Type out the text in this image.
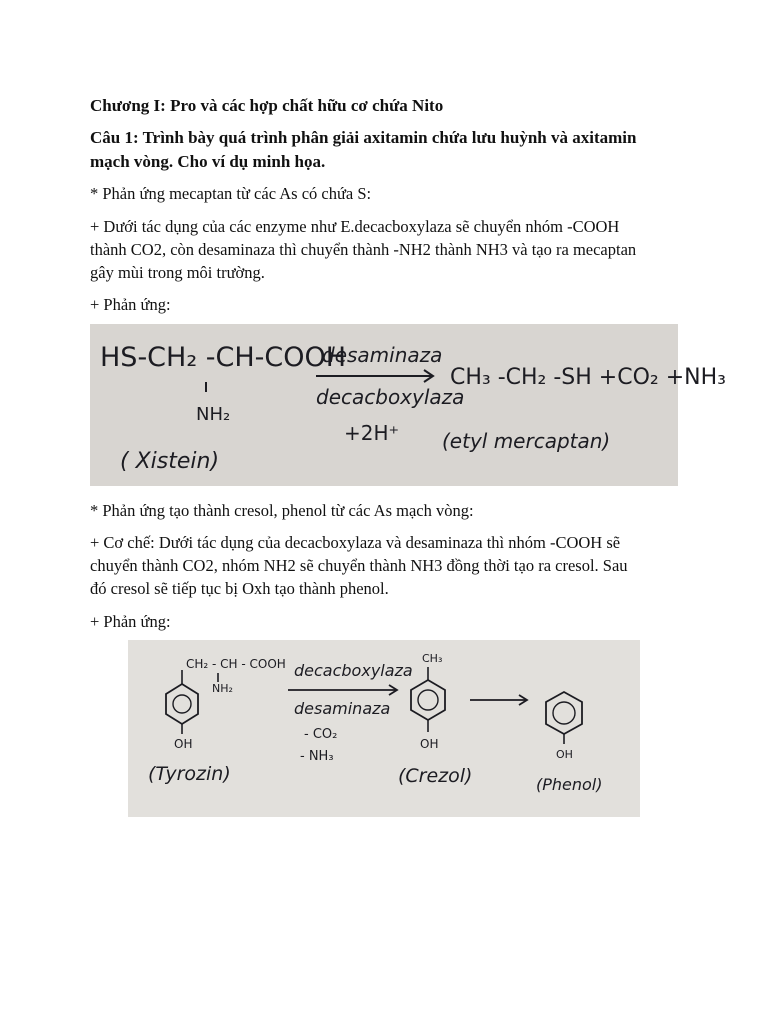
Chương I: Pro và các hợp chất hữu cơ chứa Nito
Câu 1: Trình bày quá trình phân giải axitamin chứa lưu huỳnh và axitamin
mạch vòng. Cho ví dụ minh họa.
* Phản ứng mecaptan từ các As có chứa S:
+ Dưới tác dụng của các enzyme như E.decacboxylaza sẽ chuyển nhóm -COOH
thành CO2, còn desaminaza thì chuyển thành -NH2 thành NH3 và tạo ra mecaptan
gây mùi trong môi trường.
+ Phản ứng:
HS-CH₂ -CH-COOH
NH₂
desaminaza
decacboxylaza
+2H⁺
CH₃ -CH₂ -SH +CO₂ +NH₃
( Xistein)
(etyl mercaptan)
* Phản ứng tạo thành cresol, phenol từ các As mạch vòng:
+ Cơ chế: Dưới tác dụng của decacboxylaza và desaminaza thì nhóm -COOH sẽ
chuyển thành CO2, nhóm NH2 sẽ chuyển thành NH3 đồng thời tạo ra cresol. Sau
đó cresol sẽ tiếp tục bị Oxh tạo thành phenol.
+ Phản ứng:
CH₂ - CH - COOH
NH₂
OH
(Tyrozin)
decacboxylaza
desaminaza
- CO₂
- NH₃
CH₃
OH
(Crezol)
OH
(Phenol)
